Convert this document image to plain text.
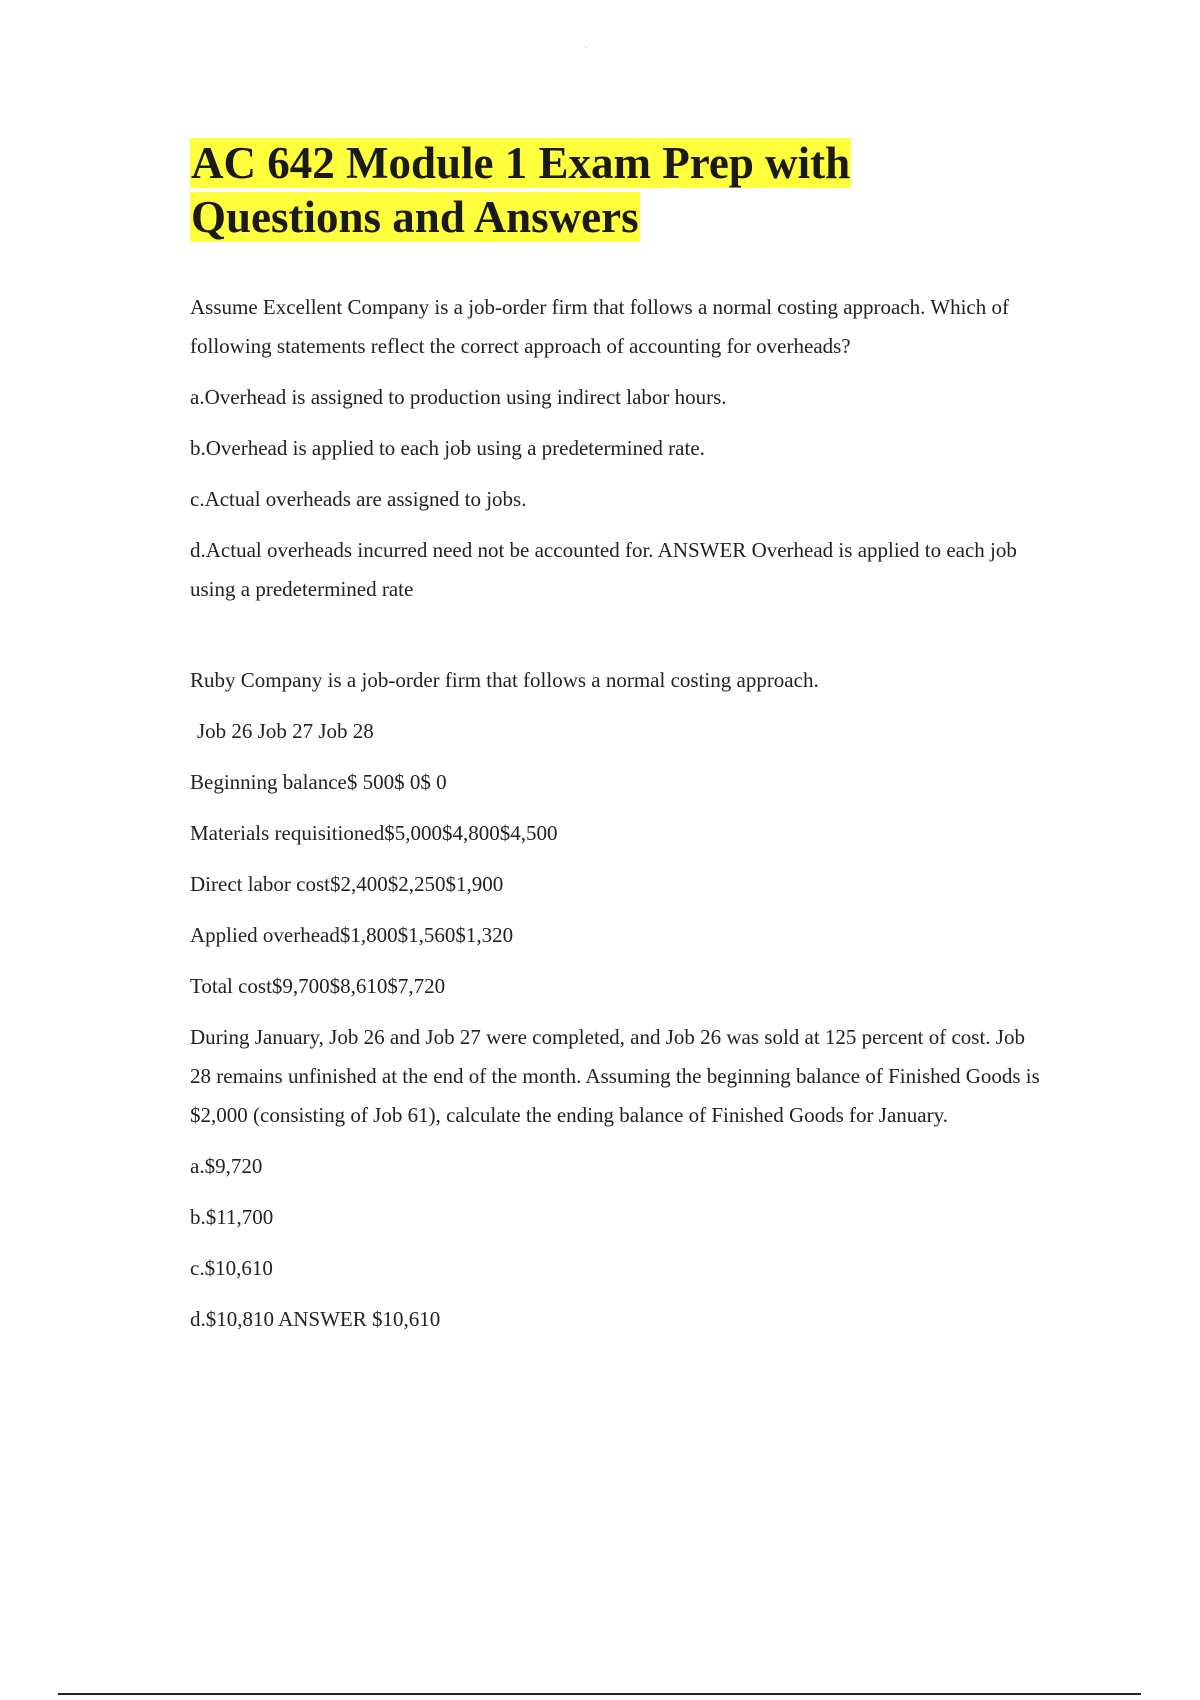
.
AC 642 Module 1 Exam Prep with
Questions and Answers

Assume Excellent Company is a job-order firm that follows a normal costing approach. Which of following statements reflect the correct approach of accounting for overheads?

a.Overhead is assigned to production using indirect labor hours.

b.Overhead is applied to each job using a predetermined rate.

c.Actual overheads are assigned to jobs.

d.Actual overheads incurred need not be accounted for. ANSWER Overhead is applied to each job using a predetermined rate

Ruby Company is a job-order firm that follows a normal costing approach.

Job 26 Job 27 Job 28

Beginning balance$ 500$ 0$ 0

Materials requisitioned$5,000$4,800$4,500

Direct labor cost$2,400$2,250$1,900

Applied overhead$1,800$1,560$1,320

Total cost$9,700$8,610$7,720

During January, Job 26 and Job 27 were completed, and Job 26 was sold at 125 percent of cost. Job 28 remains unfinished at the end of the month. Assuming the beginning balance of Finished Goods is $2,000 (consisting of Job 61), calculate the ending balance of Finished Goods for January.

a.$9,720

b.$11,700

c.$10,610

d.$10,810 ANSWER $10,610
